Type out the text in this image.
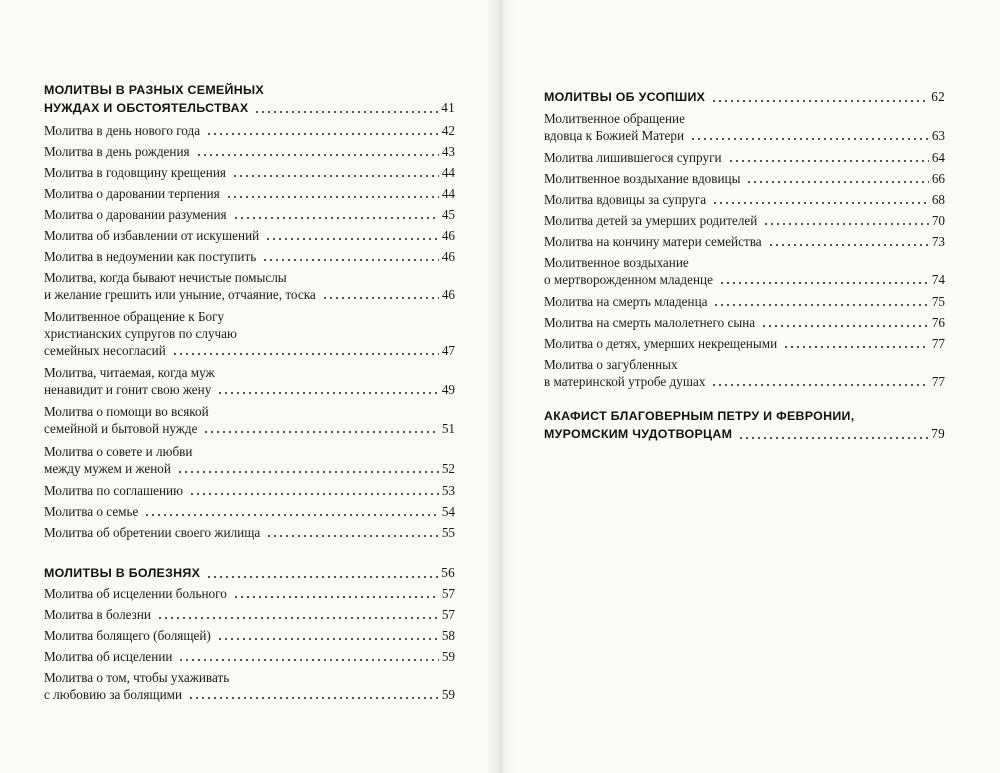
МОЛИТВЫ В РАЗНЫХ СЕМЕЙНЫХ
НУЖДАХ И ОБСТОЯТЕЛЬСТВАХ	41
Молитва в день нового года	42
Молитва в день рождения	43
Молитва в годовщину крещения	44
Молитва о даровании терпения	44
Молитва о даровании разумения	45
Молитва об избавлении от искушений	46
Молитва в недоумении как поступить	46
Молитва, когда бывают нечистые помыслы
и желание грешить или уныние, отчаяние, тоска	46
Молитвенное обращение к Богу
христианских супругов по случаю
семейных несогласий	47
Молитва, читаемая, когда муж
ненавидит и гонит свою жену	49
Молитва о помощи во всякой
семейной и бытовой нужде	51
Молитва о совете и любви
между мужем и женой	52
Молитва по соглашению	53
Молитва о семье	54
Молитва об обретении своего жилища	55
МОЛИТВЫ В БОЛЕЗНЯХ	56
Молитва об исцелении больного	57
Молитва в болезни	57
Молитва болящего (болящей)	58
Молитва об исцелении	59
Молитва о том, чтобы ухаживать
с любовию за болящими	59
МОЛИТВЫ ОБ УСОПШИХ	62
Молитвенное обращение
вдовца к Божией Матери	63
Молитва лишившегося супруги	64
Молитвенное воздыхание вдовицы	66
Молитва вдовицы за супруга	68
Молитва детей за умерших родителей	70
Молитва на кончину матери семейства	73
Молитвенное воздыхание
о мертворожденном младенце	74
Молитва на смерть младенца	75
Молитва на смерть малолетнего сына	76
Молитва о детях, умерших некрещеными	77
Молитва о загубленных
в материнской утробе душах	77
АКАФИСТ БЛАГОВЕРНЫМ ПЕТРУ И ФЕВРОНИИ,
МУРОМСКИМ ЧУДОТВОРЦАМ	79
